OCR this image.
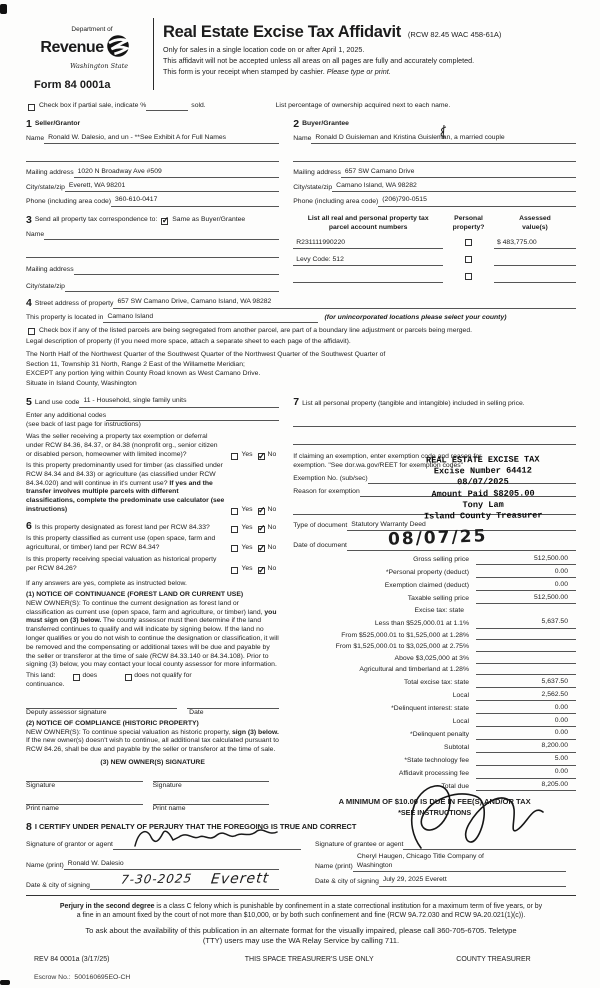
Department of
Revenue
Washington State
Form 84 0001a
Real Estate Excise Tax Affidavit (RCW 82.45 WAC 458-61A)
Only for sales in a single location code on or after April 1, 2025.
This affidavit will not be accepted unless all areas on all pages are fully and accurately completed.
This form is your receipt when stamped by cashier. Please type or print.
Check box if partial sale, indicate %	sold.	List percentage of ownership acquired next to each name.
1 Seller/Grantor
Name Ronald W. Dalesio, and un - **See Exhibit A for Full Names
Mailing address 1020 N Broadway Ave #509
City/state/zip Everett, WA 98201
Phone (including area code) 360-610-0417
2 Buyer/Grantee
Name Ronald D Guisleman and Kristina Guisleman, a married couple
Mailing address 657 SW Camano Drive
City/state/zip Camano Island, WA 98282
Phone (including area code) (206)790-0515
3 Send all property tax correspondence to: ✓ Same as Buyer/Grantee
Name
Mailing address
City/state/zip
List all real and personal property tax
parcel account numbers
Personal
property?
Assessed
value(s)
R231111990220	$ 483,775.00
Levy Code: 512
4 Street address of property 657 SW Camano Drive, Camano Island, WA 98282
This property is located in Camano Island	(for unincorporated locations please select your county)
Check box if any of the listed parcels are being segregated from another parcel, are part of a boundary line adjustment or parcels being merged.
Legal description of property (if you need more space, attach a separate sheet to each page of the affidavit).

The North Half of the Northwest Quarter of the Southwest Quarter of the Northwest Quarter of the Southwest Quarter of

Section 11, Township 31 North, Range 2 East of the Willamette Meridian;

EXCEPT any portion lying within County Road known as West Camano Drive.

Situate in Island County, Washington

5 Land use code 11 - Household, single family units
Enter any additional codes
(see back of last page for instructions)

Was the seller receiving a property tax exemption or deferral under RCW 84.36, 84.37, or 84.38 (nonprofit org., senior citizen or disabled person, homeowner with limited income)?	Yes ✓ No

Is this property predominantly used for timber (as classified under RCW 84.34 and 84.33) or agriculture (as classified under RCW 84.34.020) and will continue in it's current use? If yes and the transfer involves multiple parcels with different classifications, complete the predominate use calculator (see instructions)	Yes ✓ No

6 Is this property designated as forest land per RCW 84.33?	Yes ✓ No

Is this property classified as current use (open space, farm and agricultural, or timber) land per RCW 84.34?	Yes ✓ No

Is this property receiving special valuation as historical property per RCW 84.26?	Yes ✓ No
If any answers are yes, complete as instructed below.
(1) NOTICE OF CONTINUANCE (FOREST LAND OR CURRENT USE)

NEW OWNER(S): To continue the current designation as forest land or classification as current use (open space, farm and agriculture, or timber) land, you must sign on (3) below. The county assessor must then determine if the land transferred continues to qualify and will indicate by signing below. If the land no longer qualifies or you do not wish to continue the designation or classification, it will be removed and the compensating or additional taxes will be due and payable by the seller or transferor at the time of sale (RCW 84.33.140 or 84.34.108). Prior to signing (3) below, you may contact your local county assessor for more information.

This land:	does	does not qualify for
continuance.
Deputy assessor signature	Date
(2) NOTICE OF COMPLIANCE (HISTORIC PROPERTY)

NEW OWNER(S): To continue special valuation as historic property, sign (3) below. If the new owner(s) doesn't wish to continue, all additional tax calculated pursuant to RCW 84.26, shall be due and payable by the seller or transferor at the time of sale.

(3) NEW OWNER(S) SIGNATURE
Signature	Signature
Print name	Print name

7 List all personal property (tangible and intangible) included in selling price.

If claiming an exemption, enter exemption code and reason for

exemption. "See dor.wa.gov/REET for exemption codes"

Exemption No. (sub/sec)
Reason for exemption
REAL ESTATE EXCISE TAX
Excise Number 64412
08/07/2025
Amount Paid $8205.00
Tony Lam
Island County Treasurer
Type of document Statutory Warranty Deed
Date of document 08/07/25
Gross selling price	512,500.00
*Personal property (deduct)	0.00
Exemption claimed (deduct)	0.00
Taxable selling price	512,500.00
Excise tax: state
Less than $525,000.01 at 1.1%	5,637.50
From $525,000.01 to $1,525,000 at 1.28%
From $1,525,000.01 to $3,025,000 at 2.75%
Above $3,025,000 at 3%
Agricultural and timberland at 1.28%
Total excise tax: state	5,637.50
Local	2,562.50
*Delinquent interest: state	0.00
Local	0.00
*Delinquent penalty	0.00
Subtotal	8,200.00
*State technology fee	5.00
Affidavit processing fee	0.00
Total due	8,205.00
A MINIMUM OF $10.00 IS DUE IN FEE(S) AND/OR TAX
*SEE INSTRUCTIONS
8 I CERTIFY UNDER PENALTY OF PERJURY THAT THE FOREGOING IS TRUE AND CORRECT
Signature of grantor or agent
Name (print) Ronald W. Dalesio
Date & city of signing	7-30-2025 Everett
Signature of grantee or agent
Cheryl Haugen, Chicago Title Company of
Name (print) Washington
Date & city of signing July 29, 2025 Everett
Perjury in the second degree is a class C felony which is punishable by confinement in a state correctional institution for a maximum term of five years, or by
a fine in an amount fixed by the court of not more than $10,000, or by both such confinement and fine (RCW 9A.72.030 and RCW 9A.20.021(1)(c)).
To ask about the availability of this publication in an alternate format for the visually impaired, please call 360-705-6705. Teletype
(TTY) users may use the WA Relay Service by calling 711.
REV 84 0001a (3/17/25)	THIS SPACE TREASURER'S USE ONLY	COUNTY TREASURER
Escrow No.: 500160695EO-CH
